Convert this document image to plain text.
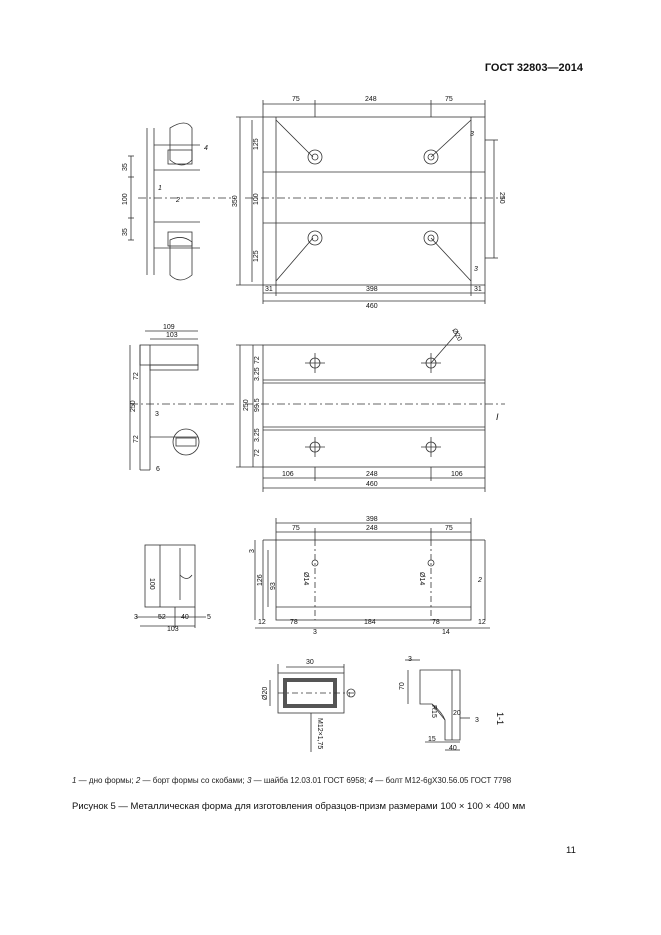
ГОСТ 32803—2014
35
100
35
1
2
4
75	248	75
31	398	31
460
350 100
125
125
250
3
3
109
103
72
250
72
3
6
Ø20
72
3.25
250 99.5
3.25
72
106	248	106
460
I
100
3	52 40	5
103
398
75	248	75
3
126
93
Ø14	Ø14
12	78
3
184	78
14
12
2
30
Ø20
M12×1,75
I
3
70
R15 20
3
15
40
1-1
1 — дно формы; 2 — борт формы со скобами; 3 — шайба 12.03.01 ГОСТ 6958; 4 — болт M12-6gX30.56.05 ГОСТ 7798
Рисунок 5 — Металлическая форма для изготовления образцов-призм размерами 100 × 100 × 400 мм
11
